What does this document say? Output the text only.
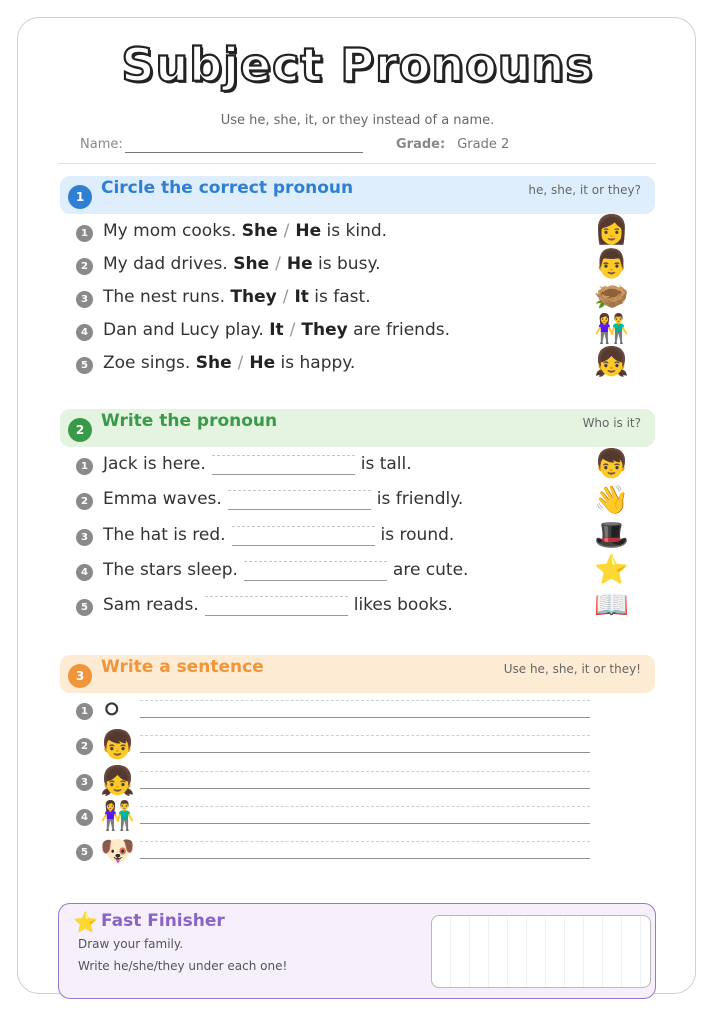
Subject Pronouns
Use he, she, it, or they instead of a name.
Name:	Grade: Grade 2
1 Circle the correct pronoun	he, she, it or they?
1 My mom cooks. She / He is kind.	👩
2 My dad drives. She / He is busy.	👨
3 The nest runs. They / It is fast.	🪹
4 Dan and Lucy play. It / They are friends.	👫
5 Zoe sings. She / He is happy.	👧
2 Write the pronoun	Who is it?
1 Jack is here.	is tall.	👦
2 Emma waves.	is friendly.	👋
3 The hat is red.	is round.	🎩
4 The stars sleep.	are cute.	⭐
5 Sam reads.	likes books.	📖
3 Write a sentence	Use he, she, it or they!
1 ⚪
2 👦
3 👧
4 👫
5 🐶
⭐ Fast Finisher
Draw your family.
Write he/she/they under each one!
